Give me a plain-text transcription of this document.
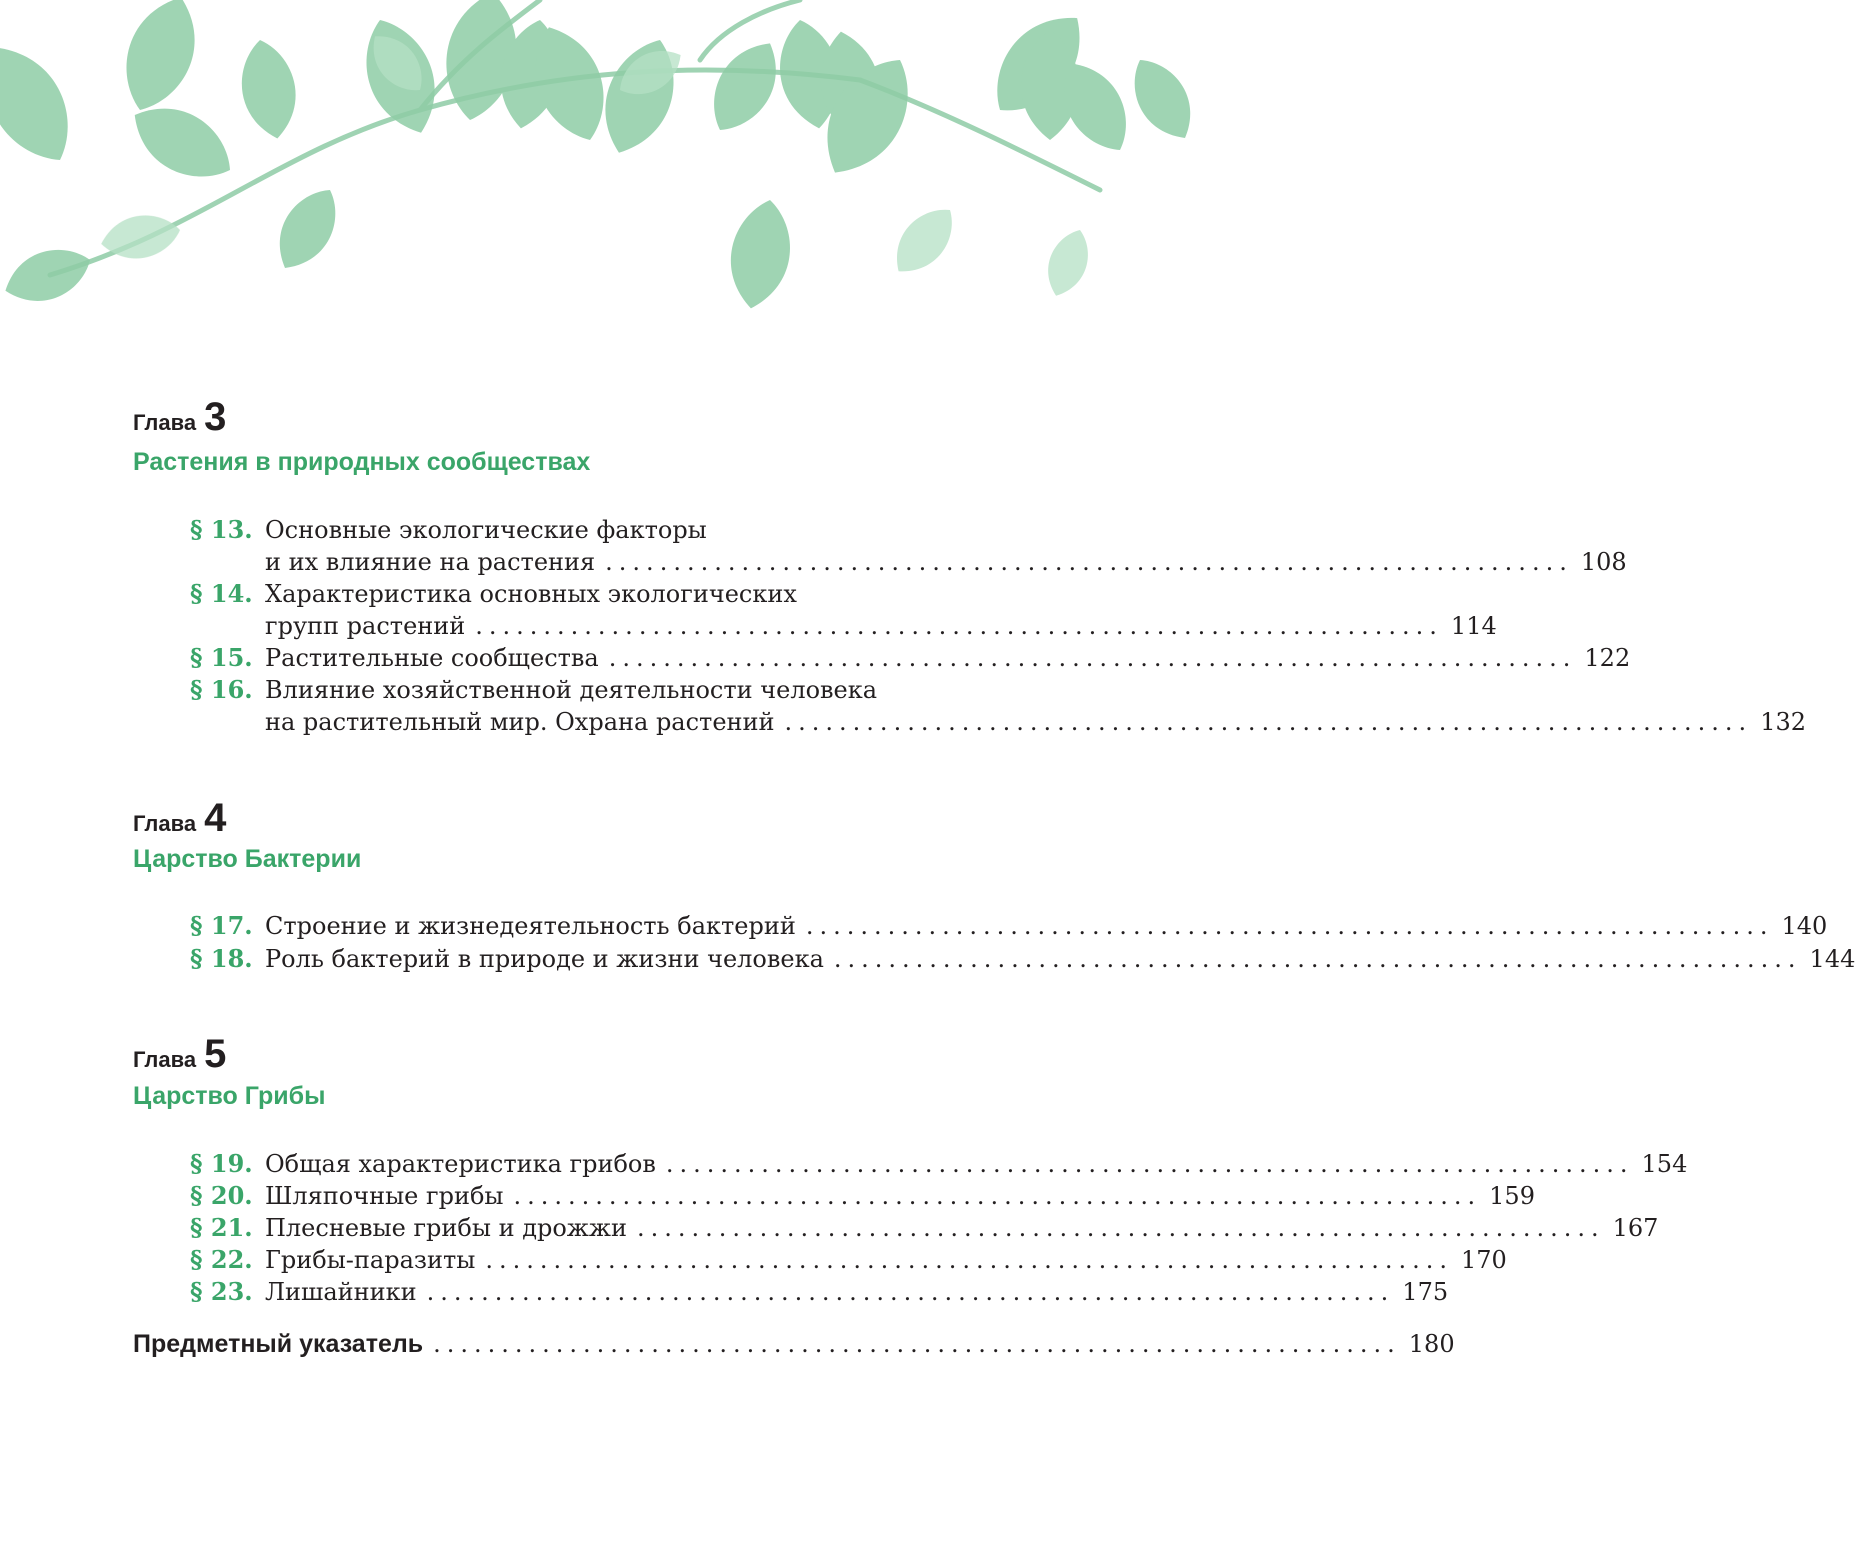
Глава 3
Растения в природных сообществах
§ 13. Основные экологические факторы
и их влияние на растения ....................................................................... 108
§ 14. Характеристика основных экологических
групп растений ....................................................................... 114
§ 15. Растительные сообщества ....................................................................... 122
§ 16. Влияние хозяйственной деятельности человека
на растительный мир. Охрана растений ....................................................................... 132
Глава 4
Царство Бактерии
§ 17. Строение и жизнедеятельность бактерий ....................................................................... 140
§ 18. Роль бактерий в природе и жизни человека ....................................................................... 144
Глава 5
Царство Грибы
§ 19. Общая характеристика грибов ....................................................................... 154
§ 20. Шляпочные грибы ....................................................................... 159
§ 21. Плесневые грибы и дрожжи ....................................................................... 167
§ 22. Грибы-паразиты ....................................................................... 170
§ 23. Лишайники ....................................................................... 175
Предметный указатель ....................................................................... 180
